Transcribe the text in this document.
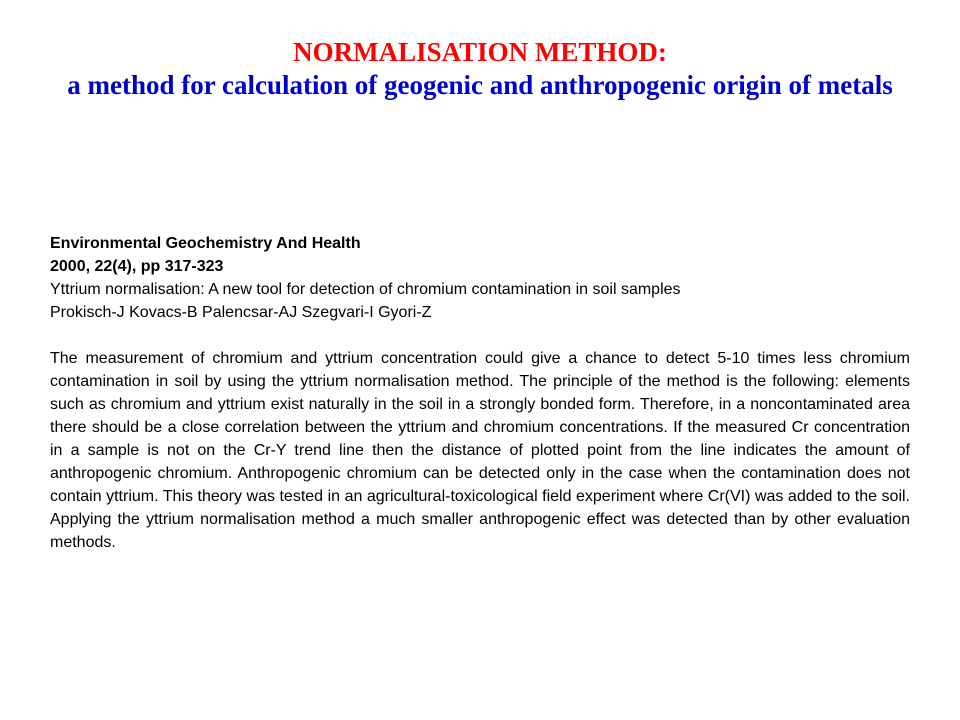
NORMALISATION METHOD:
a method for calculation of geogenic and anthropogenic origin of metals
Environmental Geochemistry And Health
2000, 22(4), pp 317-323
Yttrium normalisation: A new tool for detection of chromium contamination in soil samples
Prokisch-J Kovacs-B Palencsar-AJ Szegvari-I Gyori-Z
The measurement of chromium and yttrium concentration could give a chance to detect 5-10 times less chromium contamination in soil by using the yttrium normalisation method. The principle of the method is the following: elements such as chromium and yttrium exist naturally in the soil in a strongly bonded form. Therefore, in a noncontaminated area there should be a close correlation between the yttrium and chromium concentrations. If the measured Cr concentration in a sample is not on the Cr-Y trend line then the distance of plotted point from the line indicates the amount of anthropogenic chromium. Anthropogenic chromium can be detected only in the case when the contamination does not contain yttrium. This theory was tested in an agricultural-toxicological field experiment where Cr(VI) was added to the soil. Applying the yttrium normalisation method a much smaller anthropogenic effect was detected than by other evaluation methods.
